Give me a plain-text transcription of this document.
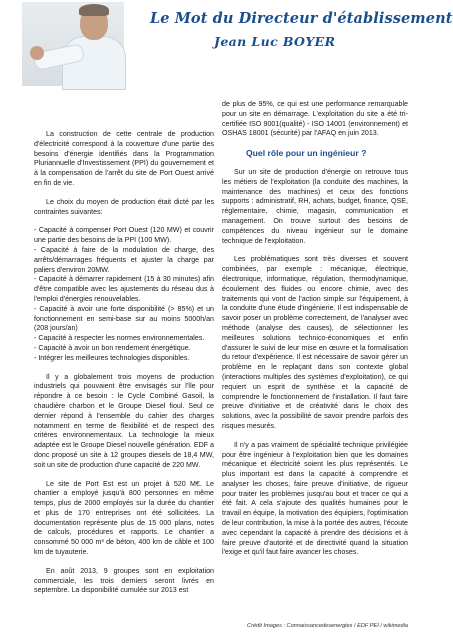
Le Mot du Directeur d'établissement
Jean Luc BOYER

La construction de cette centrale de production d'électricité correspond à la couverture d'une partie des besoins d'énergie identifiés dans la Programmation Pluriannuelle d'Investissement (PPI) du gouvernement et à la compensation de l'arrêt du site de Port Ouest arrivé en fin de vie.

Le choix du moyen de production était dicté par les contraintes suivantes:

- Capacité à compenser Port Ouest (120 MW) et couvrir une partie des besoins de la PPI (100 MW).
- Capacité à faire de la modulation de charge, des arrêts/démarrages fréquents et ajuster la charge par paliers d'environ 20MW.
- Capacité à démarrer rapidement (15 à 30 minutes) afin d'être compatible avec les ajustements du réseau dus à l'emploi d'énergies renouvelables.
- Capacité à avoir une forte disponibilité (> 85%) et un fonctionnement en semi-base sur au moins 5000h/an (208 jours/an)
- Capacité à respecter les normes environnementales.
- Capacité à avoir un bon rendement énergétique.
- Intégrer les meilleures technologies disponibles.

Il y a globalement trois moyens de production industriels qui pouvaient être envisagés sur l'île pour répondre à ce besoin : le Cycle Combiné Gasoil, la chaudière charbon et le Groupe Diesel fioul. Seul ce dernier répond à l'ensemble du cahier des charges notamment en terme de flexibilité et de respect des critères environnementaux. La technologie la mieux adaptée est le Groupe Diesel nouvelle génération. EDF a donc proposé un site à 12 groupes diesels de 18,4 MW, soit un site de production d'une capacité de 220 MW.

Le site de Port Est est un projet à 520 M€. Le chantier a employé jusqu'à 800 personnes en même temps, plus de 2000 employés sur la durée du chantier et plus de 170 entreprises ont été sollicitées. La documentation représente plus de 15 000 plans, notes de calculs, procédures et rapports. Le chantier a consommé 50 000 m³ de béton, 400 km de câble et 100 km de tuyauterie.

En août 2013, 9 groupes sont en exploitation commerciale, les trois derniers seront livrés en septembre. La disponibilité cumulée sur 2013 est

de plus de 95%, ce qui est une performance remarquable pour un site en démarrage. L'exploitation du site a été tri-certifiée ISO 9001(qualité) - ISO 14001 (environnement) et OSHAS 18001 (sécurité) par l'AFAQ en juin 2013.

Quel rôle pour un ingénieur ?

Sur un site de production d'énergie on retrouve tous les métiers de l'exploitation (la conduite des machines, la maintenance des machines) et ceux des fonctions supports : administratif, RH, achats, budget, finance, QSE, réglementaire, chimie, magasin, communication et management. On trouve surtout des besoins de compétences du niveau ingénieur sur le domaine technique de l'exploitation.

Les problématiques sont très diverses et souvent combinées, par exemple : mécanique, électrique, électronique, informatique, régulation, thermodynamique, écoulement des fluides ou encore chimie, avec des traitements qui vont de l'action simple sur l'équipement, à la conduite d'une étude d'ingénierie. Il est indispensable de savoir poser un problème correctement, de l'analyser avec méthode (analyse des causes), de sélectionner les meilleures solutions technico-économiques et enfin d'assurer le suivi de leur mise en œuvre et la formalisation du retour d'expérience. Il est nécessaire de savoir gérer un problème en le replaçant dans son contexte global (interactions multiples des systèmes d'exploitation), ce qui requiert un esprit de synthèse et la capacité de comprendre le fonctionnement de l'installation. Il faut faire preuve d'initiative et de créativité dans le choix des solutions, avec la possibilité de savoir prendre parfois des risques mesurés.

Il n'y a pas vraiment de spécialité technique privilégiée pour être ingénieur à l'exploitation bien que les domaines mécanique et électricité soient les plus représentés. Le plus important est dans la capacité à comprendre et analyser les choses, faire preuve d'initiative, de rigueur pour traiter les problèmes jusqu'au bout et tracer ce qui a été fait. A cela s'ajoute des qualités humaines pour le travail en équipe, la motivation des équipiers, l'optimisation de leur contribution, la mise à la portée des autres, l'écoute avec cependant la capacité à prendre des décisions et à faire preuve d'autorité et de directivité quand la situation l'exige et qu'il faut faire avancer les choses.

Crédit Images : Connaissancedesenergies / EDF PEI / wikimedia
